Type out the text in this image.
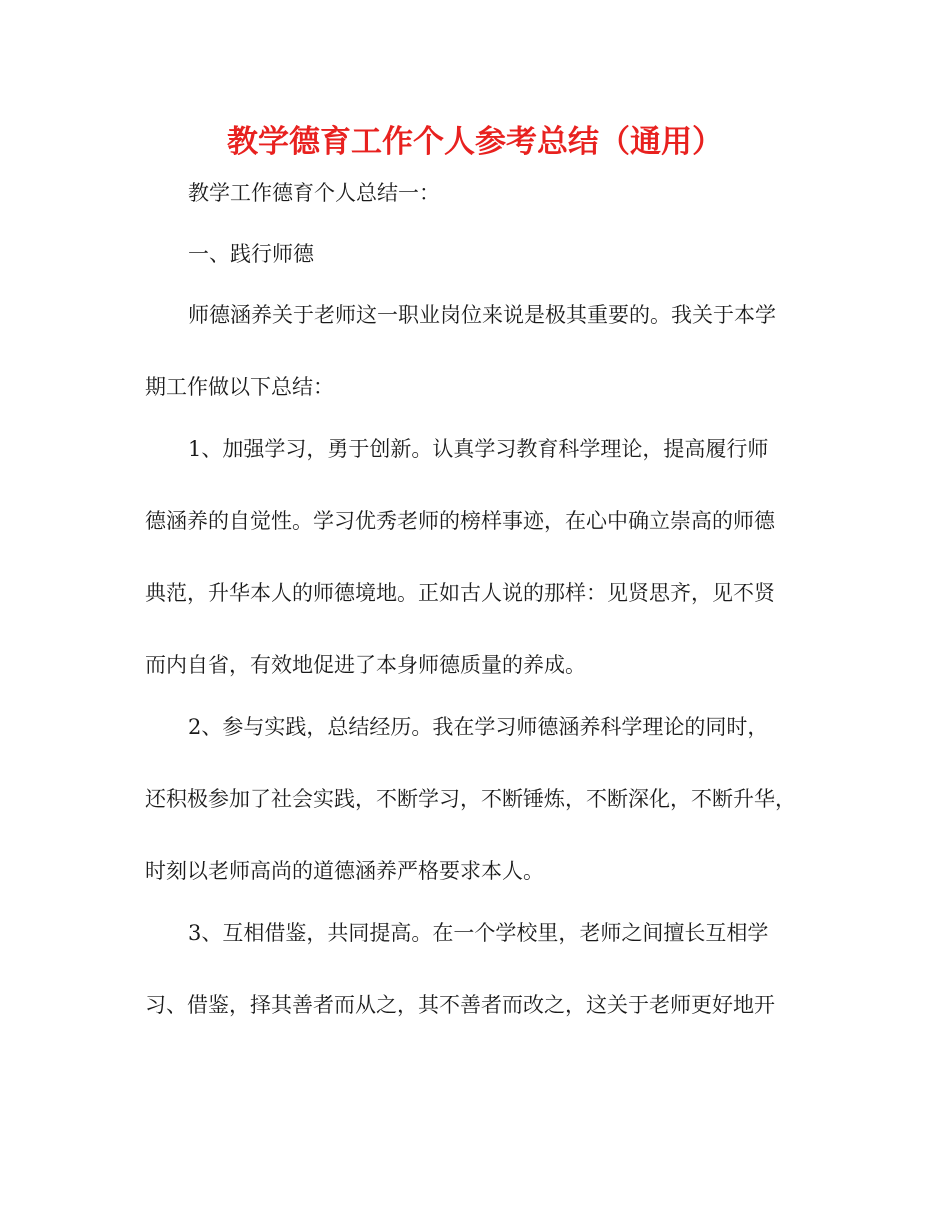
教学德育工作个人参考总结（通用）

教学工作德育个人总结一：

一、践行师德

师德涵养关于老师这一职业岗位来说是极其重要的。我关于本学

期工作做以下总结：

1、加强学习，勇于创新。认真学习教育科学理论，提高履行师

德涵养的自觉性。学习优秀老师的榜样事迹，在心中确立崇高的师德

典范，升华本人的师德境地。正如古人说的那样：见贤思齐，见不贤

而内自省，有效地促进了本身师德质量的养成。

2、参与实践，总结经历。我在学习师德涵养科学理论的同时，

还积极参加了社会实践，不断学习，不断锤炼，不断深化，不断升华，

时刻以老师高尚的道德涵养严格要求本人。

3、互相借鉴，共同提高。在一个学校里，老师之间擅长互相学

习、借鉴，择其善者而从之，其不善者而改之，这关于老师更好地开
